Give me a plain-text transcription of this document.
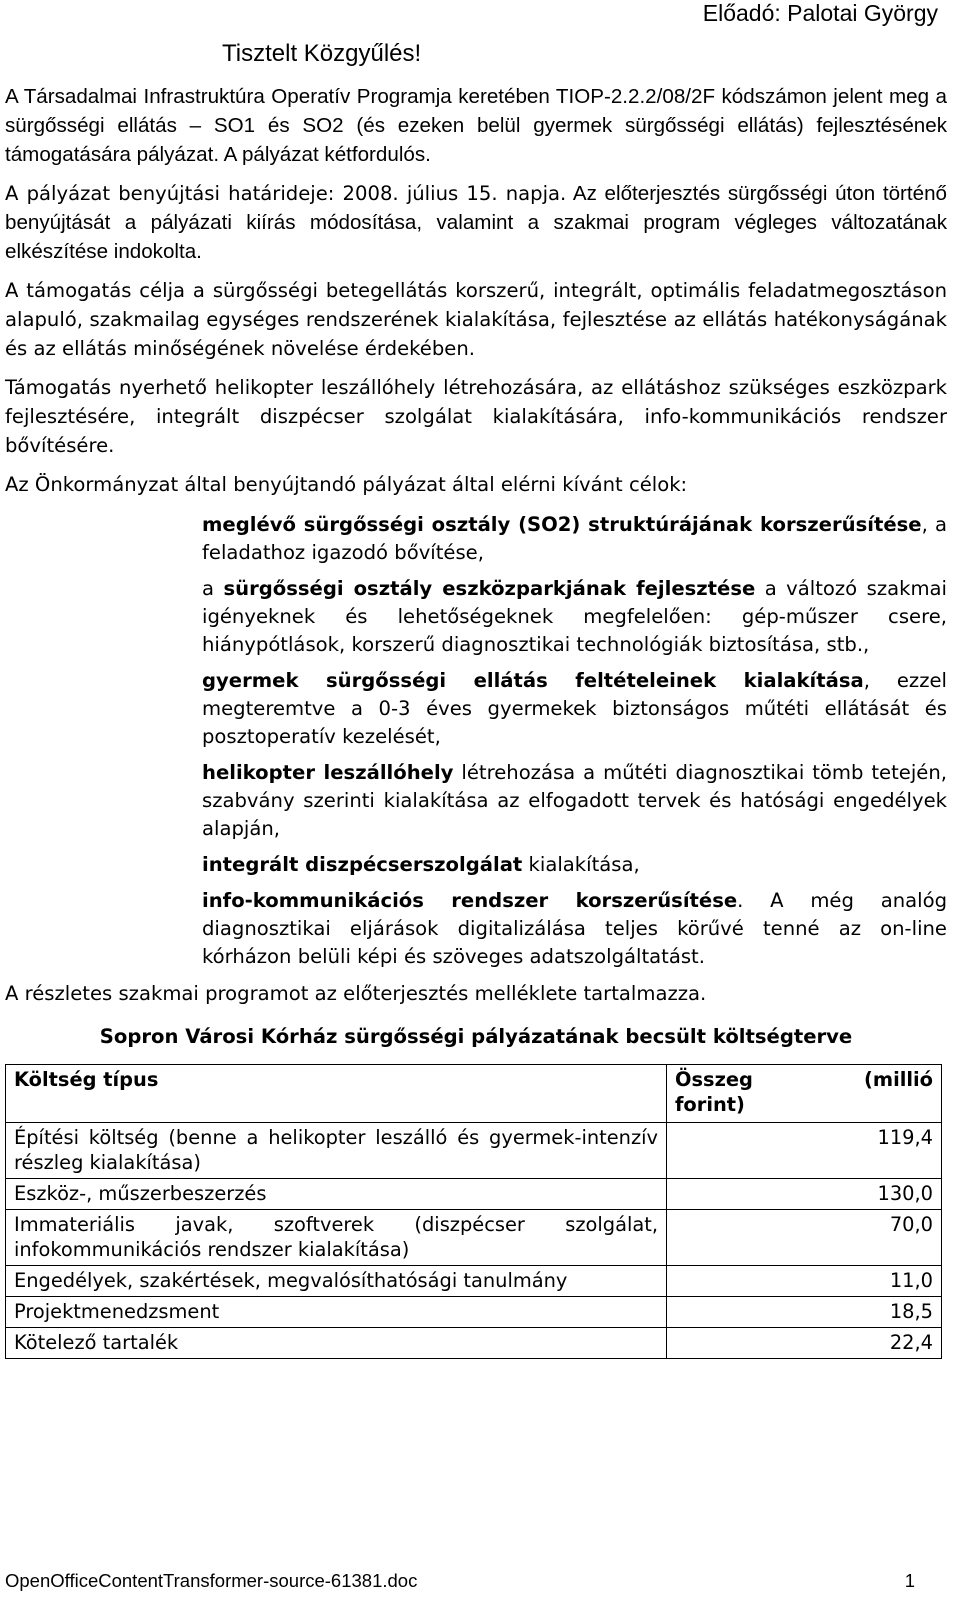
Előadó: Palotai György
Tisztelt Közgyűlés!

A Társadalmai Infrastruktúra Operatív Programja keretében TIOP-2.2.2/08/2F kódszámon jelent meg a sürgősségi ellátás – SO1 és SO2 (és ezeken belül gyermek sürgősségi ellátás) fejlesztésének támogatására pályázat. A pályázat kétfordulós.

A pályázat benyújtási határideje: 2008. július 15. napja. Az előterjesztés sürgősségi úton történő benyújtását a pályázati kiírás módosítása, valamint a szakmai program végleges változatának elkészítése indokolta.

A támogatás célja a sürgősségi betegellátás korszerű, integrált, optimális feladatmegosztáson alapuló, szakmailag egységes rendszerének kialakítása, fejlesztése az ellátás hatékonyságának és az ellátás minőségének növelése érdekében.

Támogatás nyerhető helikopter leszállóhely létrehozására, az ellátáshoz szükséges eszközpark fejlesztésére, integrált diszpécser szolgálat kialakítására, info-kommunikációs rendszer bővítésére.

Az Önkormányzat által benyújtandó pályázat által elérni kívánt célok:

meglévő sürgősségi osztály (SO2) struktúrájának korszerűsítése, a feladathoz igazodó bővítése,

a sürgősségi osztály eszközparkjának fejlesztése a változó szakmai igényeknek és lehetőségeknek megfelelően: gép-műszer csere, hiánypótlások, korszerű diagnosztikai technológiák biztosítása, stb.,

gyermek sürgősségi ellátás feltételeinek kialakítása, ezzel megteremtve a 0-3 éves gyermekek biztonságos műtéti ellátását és posztoperatív kezelését,

helikopter leszállóhely létrehozása a műtéti diagnosztikai tömb tetején, szabvány szerinti kialakítása az elfogadott tervek és hatósági engedélyek alapján,

integrált diszpécserszolgálat kialakítása,

info-kommunikációs rendszer korszerűsítése. A még analóg diagnosztikai eljárások digitalizálása teljes körűvé tenné az on-line kórházon belüli képi és szöveges adatszolgáltatást.

A részletes szakmai programot az előterjesztés melléklete tartalmazza.

Sopron Városi Kórház sürgősségi pályázatának becsült költségterve
Költség típus	Összeg (millió
forint)

Építési költség (benne a helikopter leszálló és gyermek-intenzív részleg kialakítása)	119,4
Eszköz-, műszerbeszerzés	130,0
Immateriális javak, szoftverek (diszpécser szolgálat, infokommunikációs rendszer kialakítása)	70,0
Engedélyek, szakértések, megvalósíthatósági tanulmány	11,0
Projektmenedzsment	18,5
Kötelező tartalék	22,4
OpenOfficeContentTransformer-source-61381.doc	1
